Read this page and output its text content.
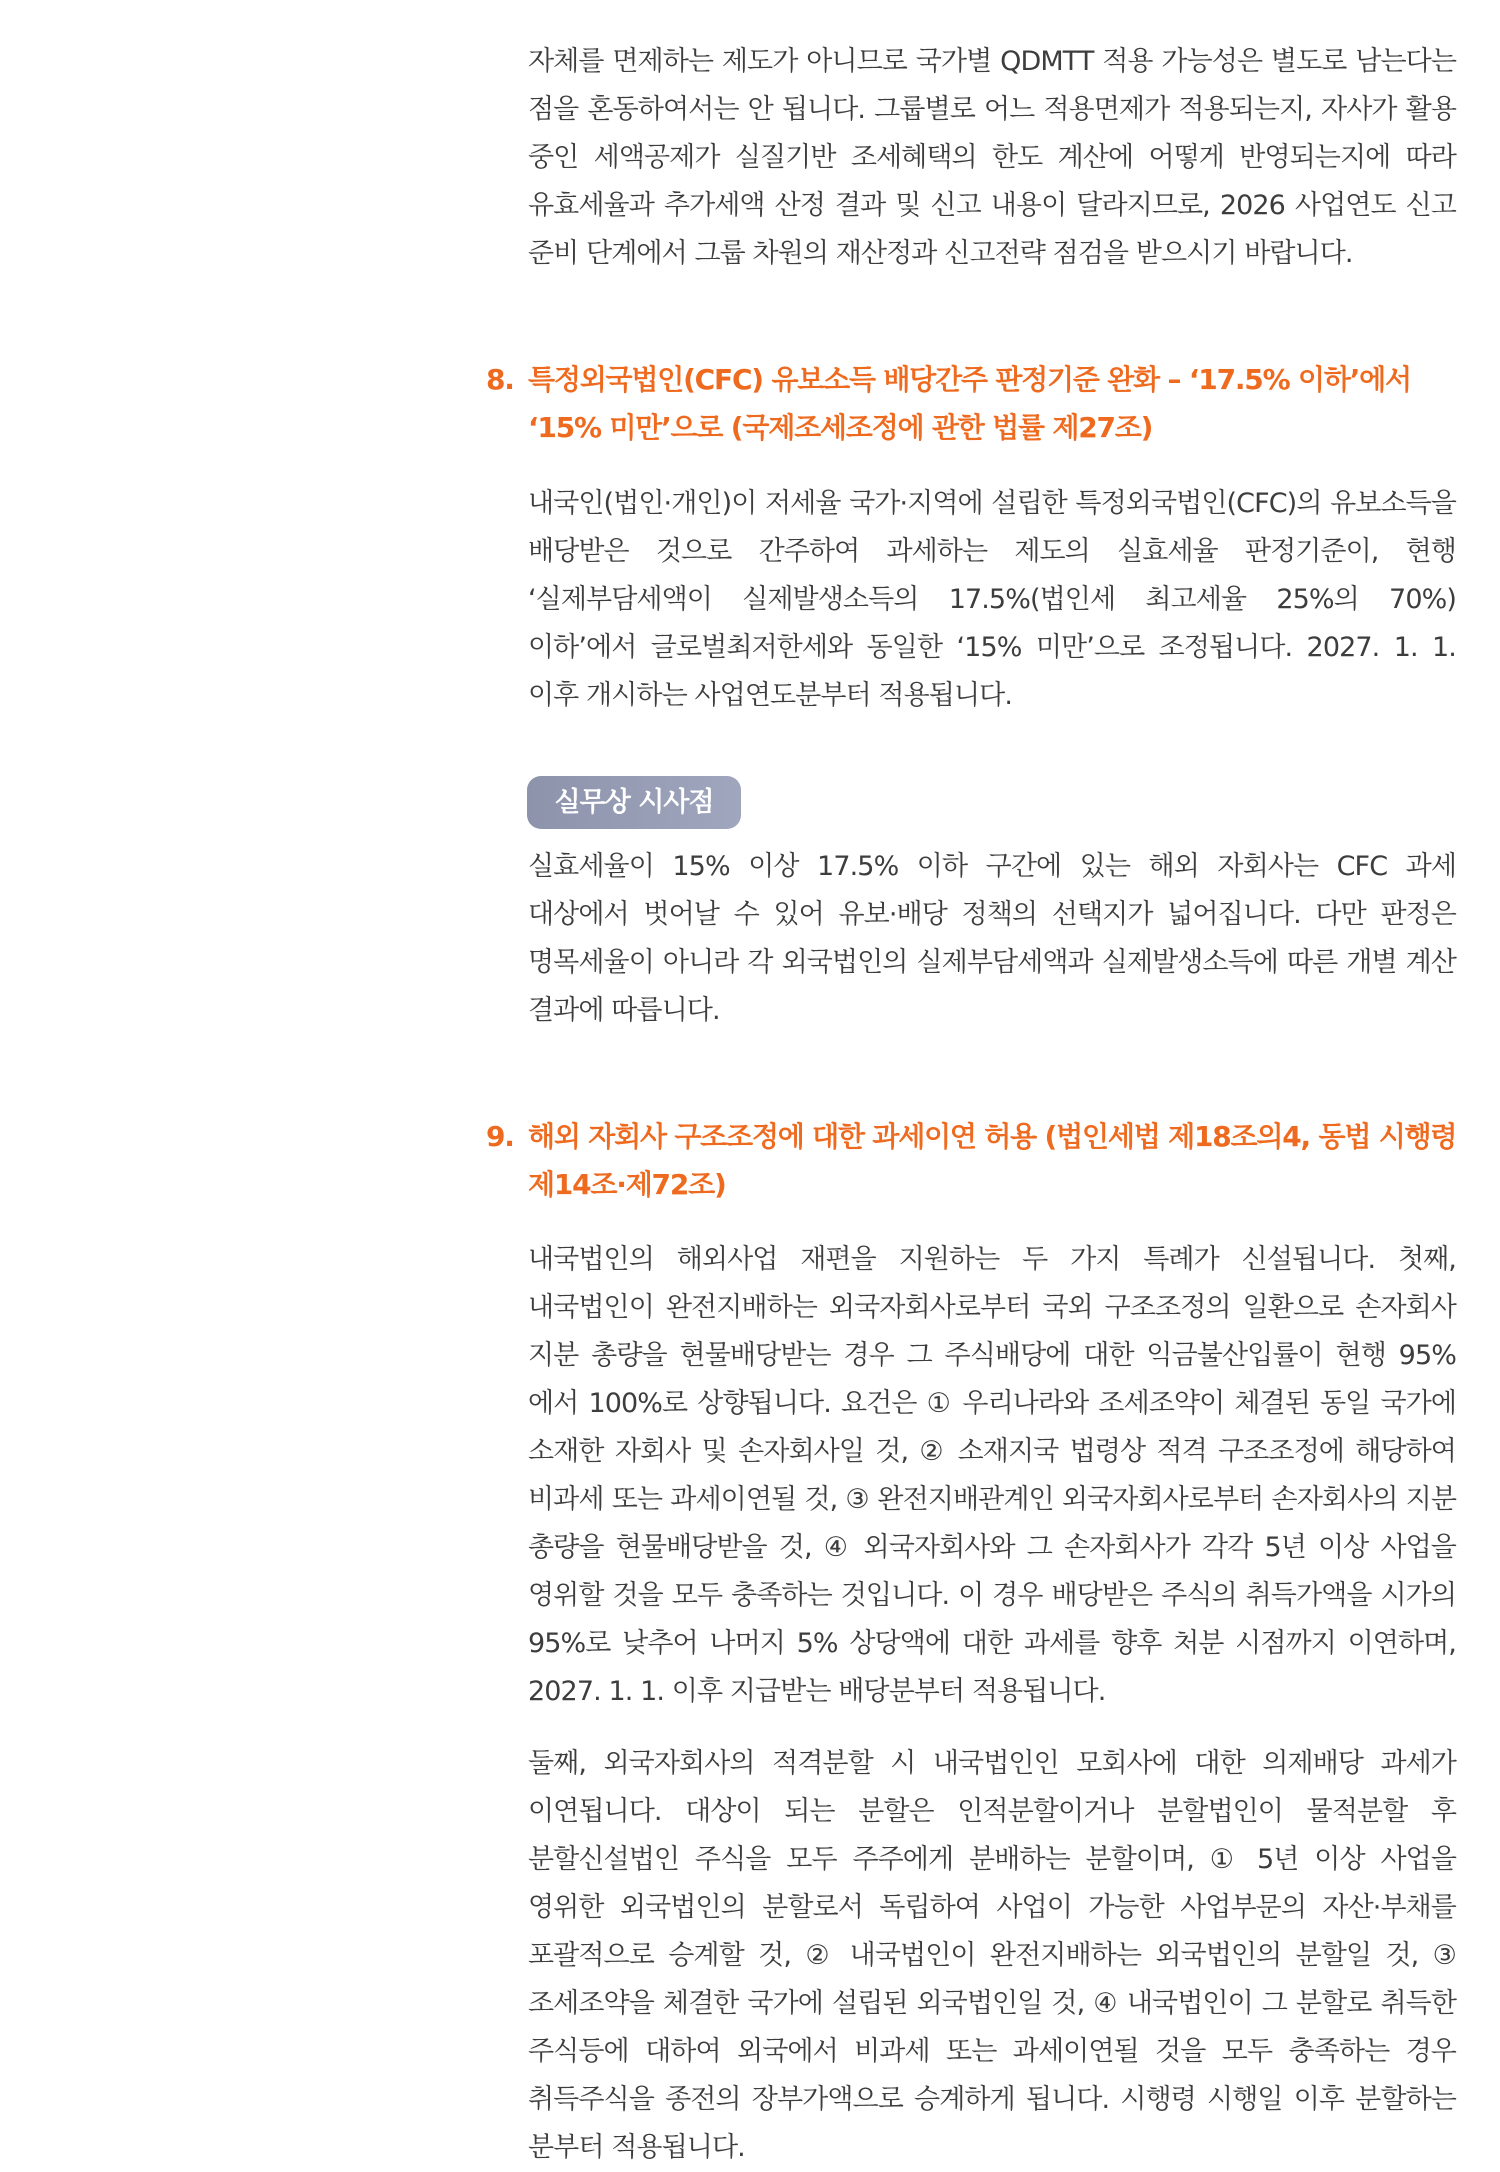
자체를 면제하는 제도가 아니므로 국가별 QDMTT 적용 가능성은 별도로 남는다는 점을 혼동하여서는 안 됩니다. 그룹별로 어느 적용면제가 적용되는지, 자사가 활용 중인 세액공제가 실질기반 조세혜택의 한도 계산에 어떻게 반영되는지에 따라 유효세율과 추가세액 산정 결과 및 신고 내용이 달라지므로, 2026 사업연도 신고 준비 단계에서 그룹 차원의 재산정과 신고전략 점검을 받으시기 바랍니다.

8. 특정외국법인(CFC) 유보소득 배당간주 판정기준 완화 – ‘17.5% 이하’에서 ‘15% 미만’으로 (국제조세조정에 관한 법률 제27조)

내국인(법인·개인)이 저세율 국가·지역에 설립한 특정외국법인(CFC)의 유보소득을 배당받은 것으로 간주하여 과세하는 제도의 실효세율 판정기준이, 현행 ‘실제부담세액이 실제발생소득의 17.5%(법인세 최고세율 25%의 70%) 이하’에서 글로벌최저한세와 동일한 ‘15% 미만’으로 조정됩니다. 2027. 1. 1. 이후 개시하는 사업연도분부터 적용됩니다.

실무상 시사점

실효세율이 15% 이상 17.5% 이하 구간에 있는 해외 자회사는 CFC 과세 대상에서 벗어날 수 있어 유보·배당 정책의 선택지가 넓어집니다. 다만 판정은 명목세율이 아니라 각 외국법인의 실제부담세액과 실제발생소득에 따른 개별 계산 결과에 따릅니다.

9. 해외 자회사 구조조정에 대한 과세이연 허용 (법인세법 제18조의4, 동법 시행령 제14조·제72조)

내국법인의 해외사업 재편을 지원하는 두 가지 특례가 신설됩니다. 첫째, 내국법인이 완전지배하는 외국자회사로부터 국외 구조조정의 일환으로 손자회사 지분 총량을 현물배당받는 경우 그 주식배당에 대한 익금불산입률이 현행 95%에서 100%로 상향됩니다. 요건은 ① 우리나라와 조세조약이 체결된 동일 국가에 소재한 자회사 및 손자회사일 것, ② 소재지국 법령상 적격 구조조정에 해당하여 비과세 또는 과세이연될 것, ③ 완전지배관계인 외국자회사로부터 손자회사의 지분 총량을 현물배당받을 것, ④ 외국자회사와 그 손자회사가 각각 5년 이상 사업을 영위할 것을 모두 충족하는 것입니다. 이 경우 배당받은 주식의 취득가액을 시가의 95%로 낮추어 나머지 5% 상당액에 대한 과세를 향후 처분 시점까지 이연하며, 2027. 1. 1. 이후 지급받는 배당분부터 적용됩니다.

둘째, 외국자회사의 적격분할 시 내국법인인 모회사에 대한 의제배당 과세가 이연됩니다. 대상이 되는 분할은 인적분할이거나 분할법인이 물적분할 후 분할신설법인 주식을 모두 주주에게 분배하는 분할이며, ① 5년 이상 사업을 영위한 외국법인의 분할로서 독립하여 사업이 가능한 사업부문의 자산·부채를 포괄적으로 승계할 것, ② 내국법인이 완전지배하는 외국법인의 분할일 것, ③ 조세조약을 체결한 국가에 설립된 외국법인일 것, ④ 내국법인이 그 분할로 취득한 주식등에 대하여 외국에서 비과세 또는 과세이연될 것을 모두 충족하는 경우 취득주식을 종전의 장부가액으로 승계하게 됩니다. 시행령 시행일 이후 분할하는 분부터 적용됩니다.
